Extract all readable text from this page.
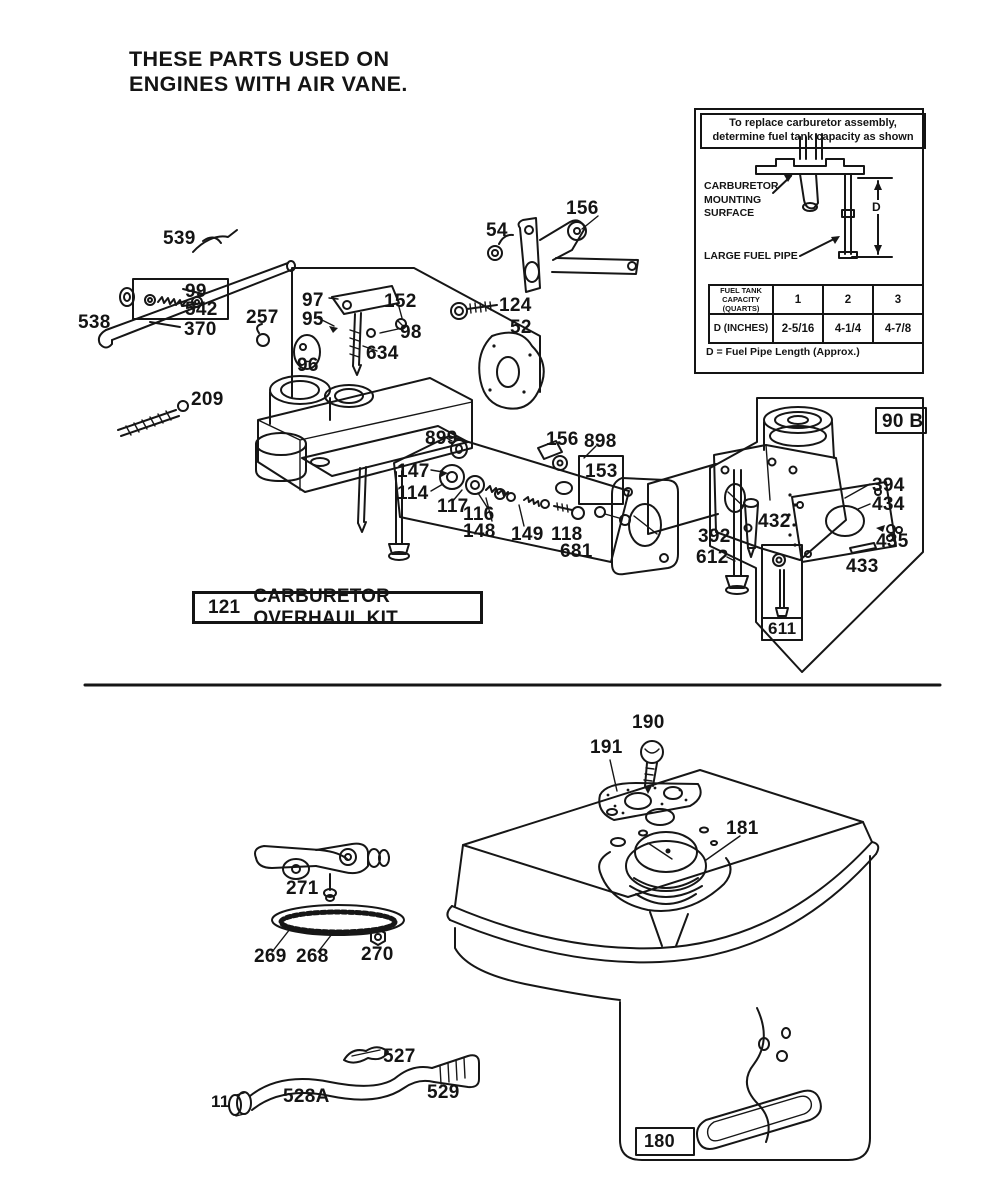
THESE PARTS USED ON
ENGINES WITH AIR VANE.
To replace carburetor assembly, determine fuel tank capacity as shown
CARBURETOR MOUNTING SURFACE
LARGE FUEL PIPE
D
FUEL TANK CAPACITY (QUARTS)	1	2	3
D (INCHES)	2-5/16	4-1/4	4-7/8
D = Fuel Pipe Length (Approx.)
121
CARBURETOR OVERHAUL KIT
539
538
99
542
370
257
97
95
96
152
98
634
54
156
124
52
209
899
147
114
117
116
148 149 118
156 898
153
681
90 B
394
434
432
392
612
435
433
611
190
191
181
271
269 268 270
527
528A	529
11
180
